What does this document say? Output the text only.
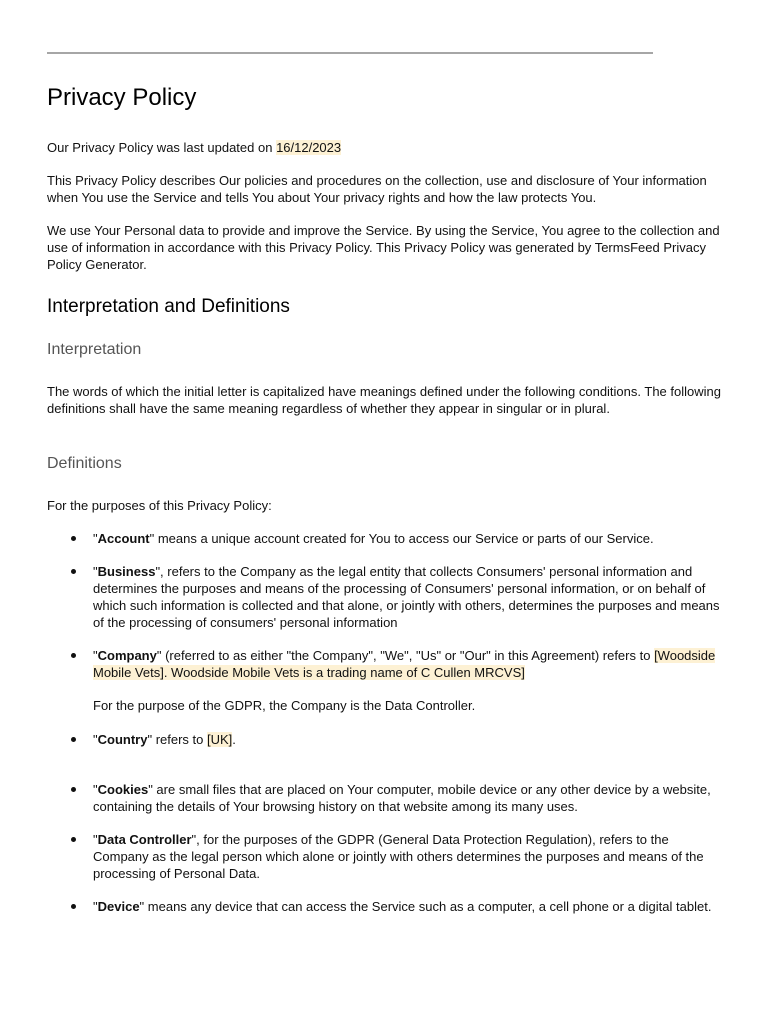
Privacy Policy

Our Privacy Policy was last updated on 16/12/2023

This Privacy Policy describes Our policies and procedures on the collection, use and disclosure of Your information when You use the Service and tells You about Your privacy rights and how the law protects You.

We use Your Personal data to provide and improve the Service. By using the Service, You agree to the collection and use of information in accordance with this Privacy Policy. This Privacy Policy was generated by TermsFeed Privacy Policy Generator.

Interpretation and Definitions
Interpretation

The words of which the initial letter is capitalized have meanings defined under the following conditions. The following definitions shall have the same meaning regardless of whether they appear in singular or in plural.

Definitions

For the purposes of this Privacy Policy:

"Account" means a unique account created for You to access our Service or parts of our Service.
"Business", refers to the Company as the legal entity that collects Consumers' personal information and determines the purposes and means of the processing of Consumers' personal information, or on behalf of which such information is collected and that alone, or jointly with others, determines the purposes and means of the processing of consumers' personal information
"Company" (referred to as either "the Company", "We", "Us" or "Our" in this Agreement) refers to [Woodside Mobile Vets]. Woodside Mobile Vets is a trading name of C Cullen MRCVS]

For the purpose of the GDPR, the Company is the Data Controller.

"Country" refers to [UK].
"Cookies" are small files that are placed on Your computer, mobile device or any other device by a website, containing the details of Your browsing history on that website among its many uses.
"Data Controller", for the purposes of the GDPR (General Data Protection Regulation), refers to the Company as the legal person which alone or jointly with others determines the purposes and means of the processing of Personal Data.
"Device" means any device that can access the Service such as a computer, a cell phone or a digital tablet.
